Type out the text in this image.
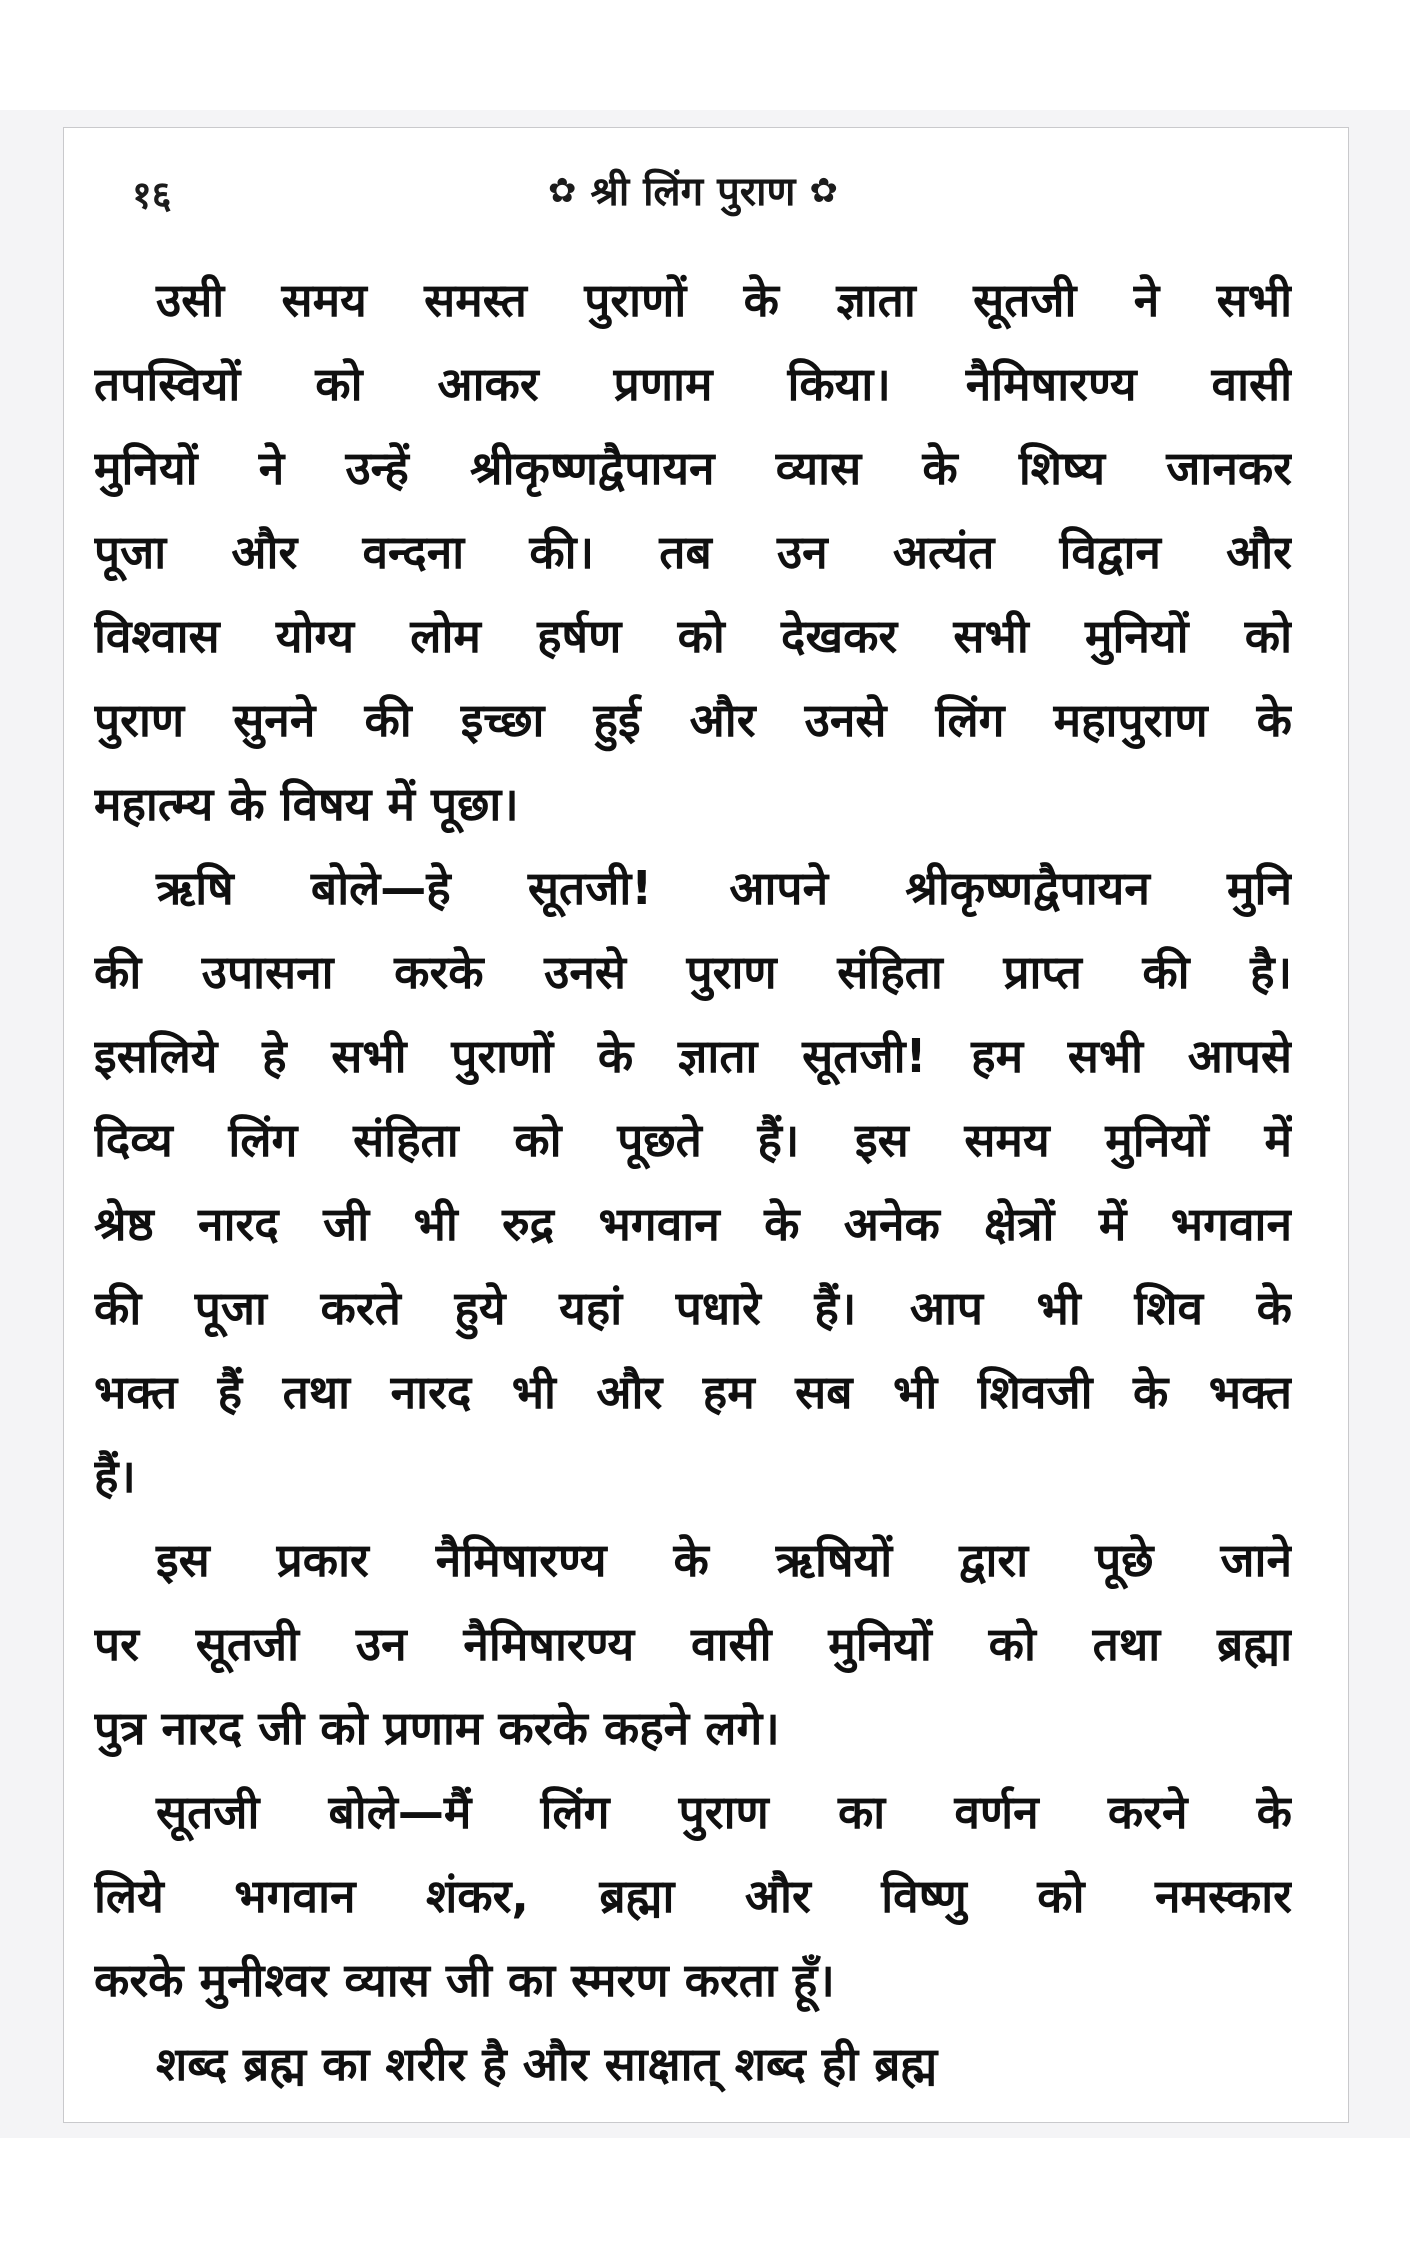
१६	✿ श्री लिंग पुराण ✿
उसी समय समस्त पुराणों के ज्ञाता सूतजी ने सभी
तपस्वियों को आकर प्रणाम किया। नैमिषारण्य वासी
मुनियों ने उन्हें श्रीकृष्णद्वैपायन व्यास के शिष्य जानकर
पूजा और वन्दना की। तब उन अत्यंत विद्वान और
विश्वास योग्य लोम हर्षण को देखकर सभी मुनियों को
पुराण सुनने की इच्छा हुई और उनसे लिंग महापुराण के
महात्म्य के विषय में पूछा।
ऋषि बोले—हे सूतजी! आपने श्रीकृष्णद्वैपायन मुनि
की उपासना करके उनसे पुराण संहिता प्राप्त की है।
इसलिये हे सभी पुराणों के ज्ञाता सूतजी! हम सभी आपसे
दिव्य लिंग संहिता को पूछते हैं। इस समय मुनियों में
श्रेष्ठ नारद जी भी रुद्र भगवान के अनेक क्षेत्रों में भगवान
की पूजा करते हुये यहां पधारे हैं। आप भी शिव के
भक्त हैं तथा नारद भी और हम सब भी शिवजी के भक्त
हैं।
इस प्रकार नैमिषारण्य के ऋषियों द्वारा पूछे जाने
पर सूतजी उन नैमिषारण्य वासी मुनियों को तथा ब्रह्मा
पुत्र नारद जी को प्रणाम करके कहने लगे।
सूतजी बोले—मैं लिंग पुराण का वर्णन करने के
लिये भगवान शंकर, ब्रह्मा और विष्णु को नमस्कार
करके मुनीश्वर व्यास जी का स्मरण करता हूँ।
शब्द ब्रह्म का शरीर है और साक्षात् शब्द ही ब्रह्म
